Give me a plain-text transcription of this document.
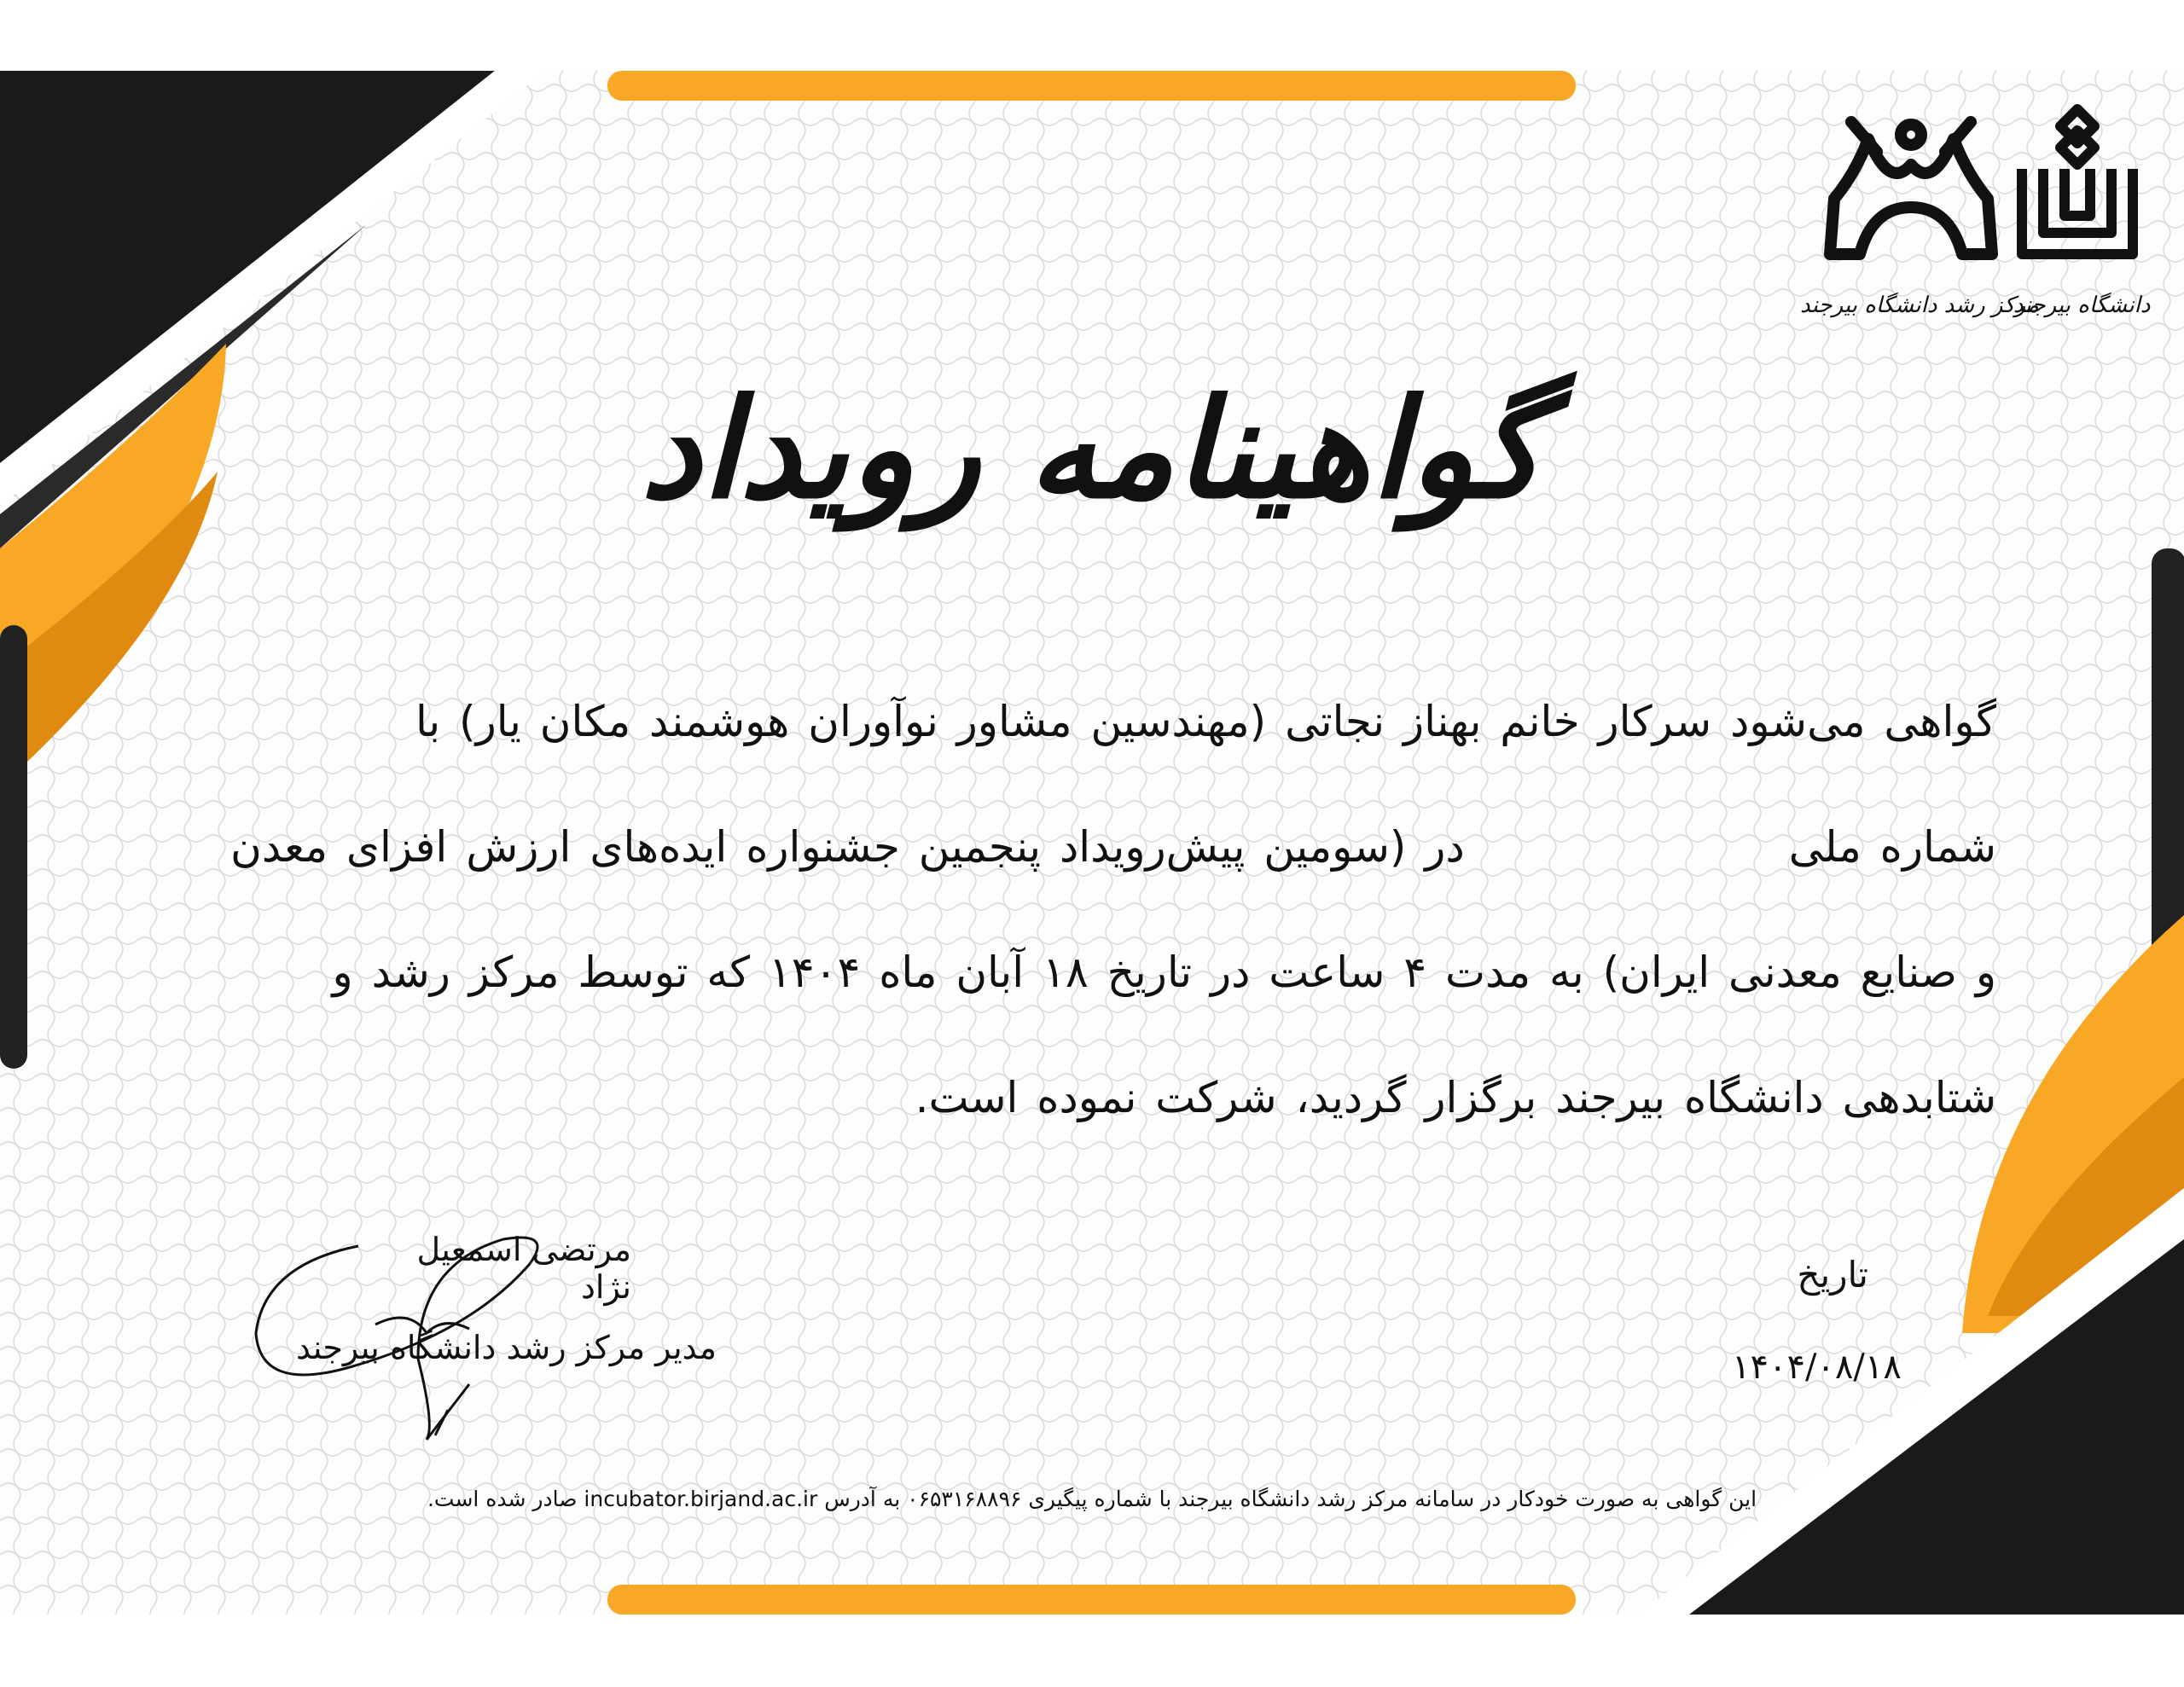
مرکز رشد دانشگاه بیرجند
دانشگاه بیرجند
گواهینامه رویداد
گواهی می‌شود سرکار خانم بهناز نجاتی (مهندسین مشاور نوآوران هوشمند مکان یار) با
شماره ملیدر (سومین پیش‌رویداد پنجمین جشنواره ایده‌های ارزش افزای معدن
و صنایع معدنی ایران) به مدت ۴ ساعت در تاریخ ۱۸ آبان ماه ۱۴۰۴ که توسط مرکز رشد و
شتابدهی دانشگاه بیرجند برگزار گردید، شرکت نموده است.
مرتضی اسمعیل نژاد
مدیر مرکز رشد دانشگاه بیرجند
تاریخ
۱۴۰۴/۰۸/۱۸
این گواهی به صورت خودکار در سامانه مرکز رشد دانشگاه بیرجند با شماره پیگیری ۰۶۵۳۱۶۸۸۹۶ به آدرس incubator.birjand.ac.ir صادر شده است.
